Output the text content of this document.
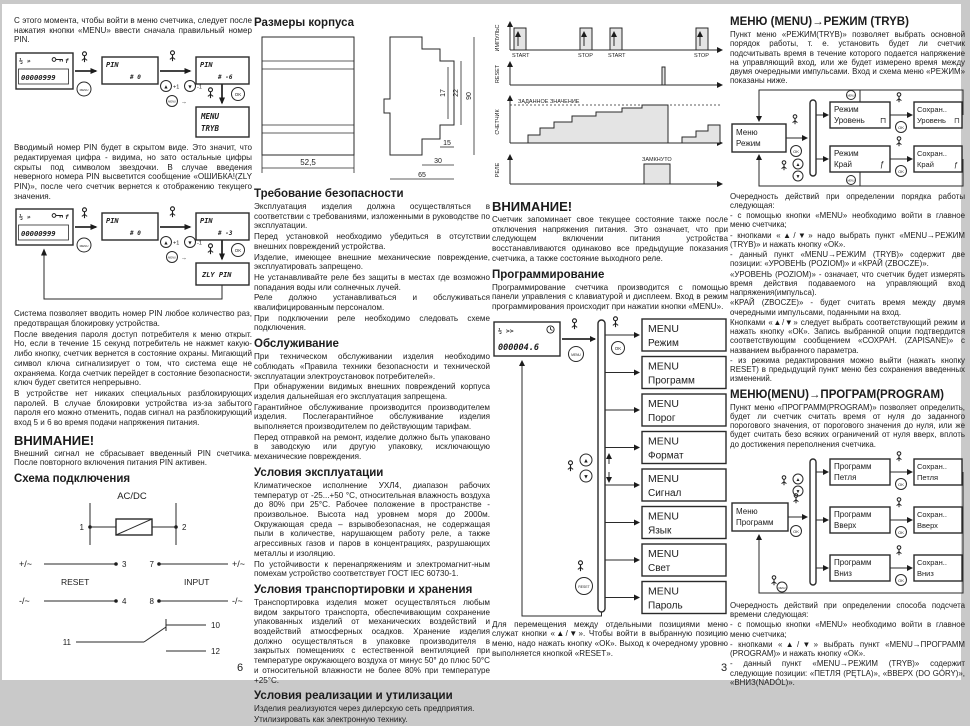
С этого момента, чтобы войти в меню счетчика, следует после нажатия кнопки «MENU» ввести сначала правильный номер PIN.

½ »	f
00000999
MENU
PIN
# 0
▲ +1 ▼ -1
MENU →
PIN
# -6
OK
MENU
TRYB

Вводимый номер PIN будет в скрытом виде. Это значит, что редактируемая цифра - видима, но зато остальные цифры скрыты под символом звездочки. В случае введения неверного номера PIN высветится сообщение «ОШИБКА!(ZLY PIN)», после чего счетчик вернется к отображению текущего значения.

½ »	f
00000999
MENU
PIN
# 0
▲ +1 ▼ -1
MENU →
PIN
# -3
OK
ZLY PIN

Система позволяет вводить номер PIN любое количество раз, предотвращая блокировку устройства.

После введения пароля доступ потребителя к меню открыт. Но, если в течение 15 секунд потребитель не нажмет какую-либо кнопку, счетчик вернется в состояние охраны. Мигающий символ ключа сигнализирует о том, что система еще не охраняема. Когда счетчик перейдет в состояние безопасности, ключ будет светится непрерывно.

В устройстве нет никаких специальных разблокирующих паролей. В случае блокировки устройства из-за забытого пароля его можно отменить, подав сигнал на разблокирующий вход 5 и 6 во время подачи напряжения питания.

ВНИМАНИЕ!

Внешний сигнал не сбрасывает введенный PIN счетчика. После повторного включения питания PIN активен.

Схема подключения
AC/DC
1	2
+/~	3	7	+/~
RESET	INPUT
-/~	4	8	-/~
10
11
12
Размеры корпуса
52,5
17 22 90
15
30
65
Требование безопасности

Эксплуатация изделия должна осуществляться в соответствии с требованиями, изложенными в руководстве по эксплуатации.

Перед установкой необходимо убедиться в отсутствии внешних повреждений устройства.

Изделие, имеющее внешние механические повреждение, эксплуатировать запрещено.

Не устанавливайте реле без защиты в местах где возможно попадания воды или солнечных лучей.

Реле должно устанавливаться и обслуживаться квалифицированным персоналом.

При подключении реле необходимо следовать схеме подключения.

Обслуживание

При техническом обслуживании изделия необходимо соблюдать «Правила техники безопасности и технической эксплуатации электроустановок потребителей».

При обнаружении видимых внешних повреждений корпуса изделия дальнейшая его эксплуатация запрещена.

Гарантийное обслуживание производится производителем изделия. Послегарантийное обслуживание изделия выполняется производителем по действующим тарифам.

Перед отправкой на ремонт, изделие должно быть упаковано в заводскую или другую упаковку, исключающую механические повреждения.

Условия эксплуатации

Климатическое исполнение УХЛ4, диапазон рабочих температур от -25...+50 °С, относительная влажность воздуха до 80% при 25°С. Рабочее положение в пространстве - произвольное. Высота над уровнем моря до 2000м. Окружающая среда – взрывобезопасная, не содержащая пыли в количестве, нарушающем работу реле, а также агрессивных газов и паров в концентрациях, разрушающих металлы и изоляцию.

По устойчивости к перенапряжениям и электромагнит-ным помехам устройство соответствует ГОСТ IEC 60730-1.

Условия транспортировки и хранения

Транспортировка изделия может осуществляться любым видом закрытого транспорта, обеспечивающим сохранение упакованных изделий от механических воздействий и воздействий атмосферных осадков. Хранение изделия должно осуществляться в упаковке производителя в закрытых помещениях с естественной вентиляцией при температуре окружающего воздуха от минус 50° до плюс 50°С и относительной влажности не более 80% при температуре +25°С.

Условия реализации и утилизации

Изделия реализуются через дилерскую сеть предприятия.

Утилизировать как электронную технику.

ИМПУЛЬС
START	STOP	START	STOP
RESET
СЧЕТЧИК
ЗАДАННОЕ ЗНАЧЕНИЕ
РЕЛЕ
ЗАМКНУТО
ВНИМАНИЕ!

Счетчик запоминает свое текущее состояние также после отключения напряжения питания. Это означает, что при следующем включении питания устройства восстанавливаются одинаково все предыдущие показания счетчика, а также состояние выходного реле.

Программирование

Программирование счетчика производится с помощью панели управления с клавиатурой и дисплеем. Вход в режим программирования происходит при нажатии кнопки «MENU».

½ >>
000004.6
MENU
OK
MENU
Режим
MENU
Программ
MENU
Порог
MENU
Формат
MENU
Сигнал
MENU
Язык
MENU
Свет
MENU
Пароль
▲
▼
RESET

Для перемещения между отдельными позициями меню служат кнопки «▲/▼». Чтобы войти в выбранную позицию меню, надо нажать кнопку «ОК». Выход к очередному уровню выполняется кнопкой «RESET».

МЕНЮ (MENU)→РЕЖИМ (TRYB)

Пункт меню «РЕЖИМ(TRYB)» позволяет выбрать основной порядок работы, т. е. установить будет ли счетчик подсчитывать время в течение которого подается напряжение на управляющий вход, или же будет измерено время между двумя очередными импульсами. Вход и схема меню «РЕЖИМ» показаны ниже.

Меню
Режим
OK
▲
▼
Режим
Уровень ⊓
OK
Сохран..
Уровень ⊓
Режим
Край	ƒ
OK
Сохран..
Край	ƒ
MENU
MENU

Очередность действий при определении порядка работы следующая:

- с помощью кнопки «MENU» необходимо войти в главное меню счетчика;

- кнопками «▲/▼» надо выбрать пункт «MENU→РЕЖИМ (TRYB)» и нажать кнопку «ОК».

- данный пункт «MENU→РЕЖИМ (TRYB)» содержит две позиции: «УРОВЕНЬ (POZIOM)» и «КРАЙ (ZBOCZE)».

«УРОВЕНЬ (POZIOM)» - означает, что счетчик будет измерять время действия подаваемого на управляющий вход напряжения(импульса).

«КРАЙ (ZBOCZE)» - будет считать время между двумя очередными импульсами, поданными на вход.

Кнопками «▲/▼» следует выбрать соответствующий режим и нажать кнопку «ОК». Запись выбранной опции подтвердится соответствующим сообщением «СОХРАН. (ZAPISANE)» с названием выбранного параметра.

- из режима редактирования можно выйти (нажать кнопку RESET) в предыдущий пункт меню без сохранения введенных изменений.

МЕНЮ(MENU)→ПРОГРАМ(PROGRAM)

Пункт меню «ПРОГРАММ(PROGRAM)» позволяет определить, будет ли счетчик считать время от нуля до заданного порогового значения, от порогового значения до нуля, или же будет считать безо всяких ограничений от нуля вверх, вплоть до достижения переполнения счетчика.

Меню
Программ
OK
▲
▼
Программ
Петля
OK
Сохран..
Петля
Программ
Вверх
OK
Сохран..
Вверх
Программ
Вниз
OK
Сохран..
Вниз
MENU

Очередность действий при определении способа подсчета времени следующая:

- с помощью кнопки «MENU» необходимо войти в главное меню счетчика;

- кнопками «▲/▼» выбрать пункт «MENU→ПРОГРАММ (PROGRAM)» и нажать кнопку «ОК».

- данный пункт «MENU→РЕЖИМ (TRYB)» содержит следующие позиции: «ПЕТЛЯ (PĘTLA)», «ВВЕРХ (DO GÓRY)», «ВНИЗ(NADÓL)».

6	3
